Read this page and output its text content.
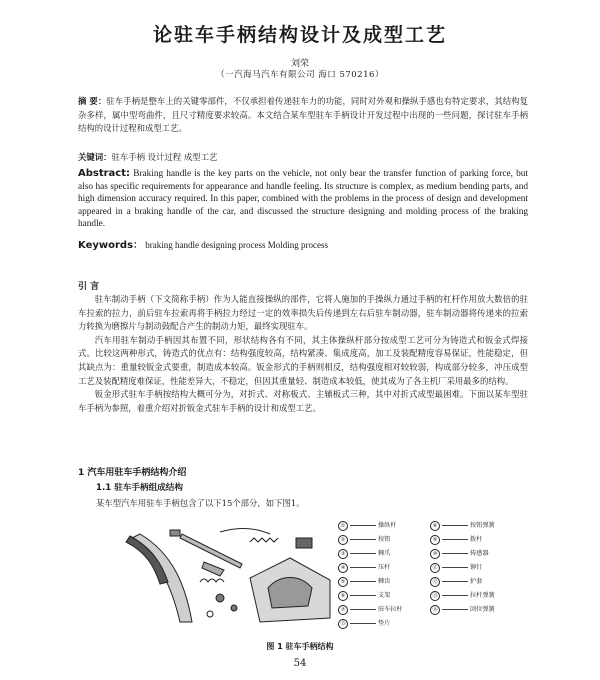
论驻车手柄结构设计及成型工艺
刘荣
（一汽海马汽车有限公司 海口 570216）
摘 要：驻车手柄是整车上的关键零部件，不仅承担着传递驻车力的功能，同时对外观和操纵手感也有特定要求，其结构复杂多样，属中型弯曲件，且尺寸精度要求较高。本文结合某车型驻车手柄设计开发过程中出现的一些问题，探讨驻车手柄结构的设计过程和成型工艺。
关键词：驻车手柄 设计过程 成型工艺
Abstract: Braking handle is the key parts on the vehicle, not only bear the transfer function of parking force, but also has specific requirements for appearance and handle feeling. Its structure is complex, as medium bending parts, and high dimension accuracy required. In this paper, combined with the problems in the process of design and development appeared in a braking handle of the car, and discussed the structure designing and molding process of the braking handle.
Keywords： braking handle designing process Molding process
引 言

驻车制动手柄（下文简称手柄）作为人能直接操纵的部件，它将人施加的手操纵力通过手柄的杠杆作用放大数倍的驻车拉索的拉力，前后驻车拉索再将手柄拉力经过一定的效率损失后传递到左右后驻车制动器，驻车制动器将传递来的拉索力转换为磨擦片与制动鼓配合产生的制动力矩，最终实现驻车。

汽车用驻车制动手柄因其布置不同，形状结构各有不同，其主体操纵杆部分按成型工艺可分为铸造式和钣金式焊接式。比较这两种形式，铸造式的优点有：结构强度较高，结构紧凑、集成度高，加工及装配精度容易保证，性能稳定，但其缺点为：重量较钣金式要重，制造成本较高。钣金形式的手柄则相反，结构强度相对较较弱，构成部分较多，冲压成型工艺及装配精度难保证，性能差异大，不稳定，但因其重量轻、制造成本较低，使其成为了各主机厂采用最多的结构。

钣金形式驻车手柄按结构大概可分为，对折式、对称板式、主辅板式三种，其中对折式成型最困难。下面以某车型驻车手柄为参照，着重介绍对折钣金式驻车手柄的设计和成型工艺。

1 汽车用驻车手柄结构介绍
1.1 驻车手柄组成结构
某车型汽车用驻车手柄包含了以下15个部分，如下图1。
①	操纵杆
②	按钮
③	棘爪
④	压杆
⑤	棘齿
⑥	支架
⑦	驻车拉杆
⑧	按钮弹簧
⑨	拨杆
⑩	传感器
⑪	铆钉
⑫	护套
⑬	拉杆弹簧
⑭	回位弹簧
⑮	垫片
图 1 驻车手柄结构
54
